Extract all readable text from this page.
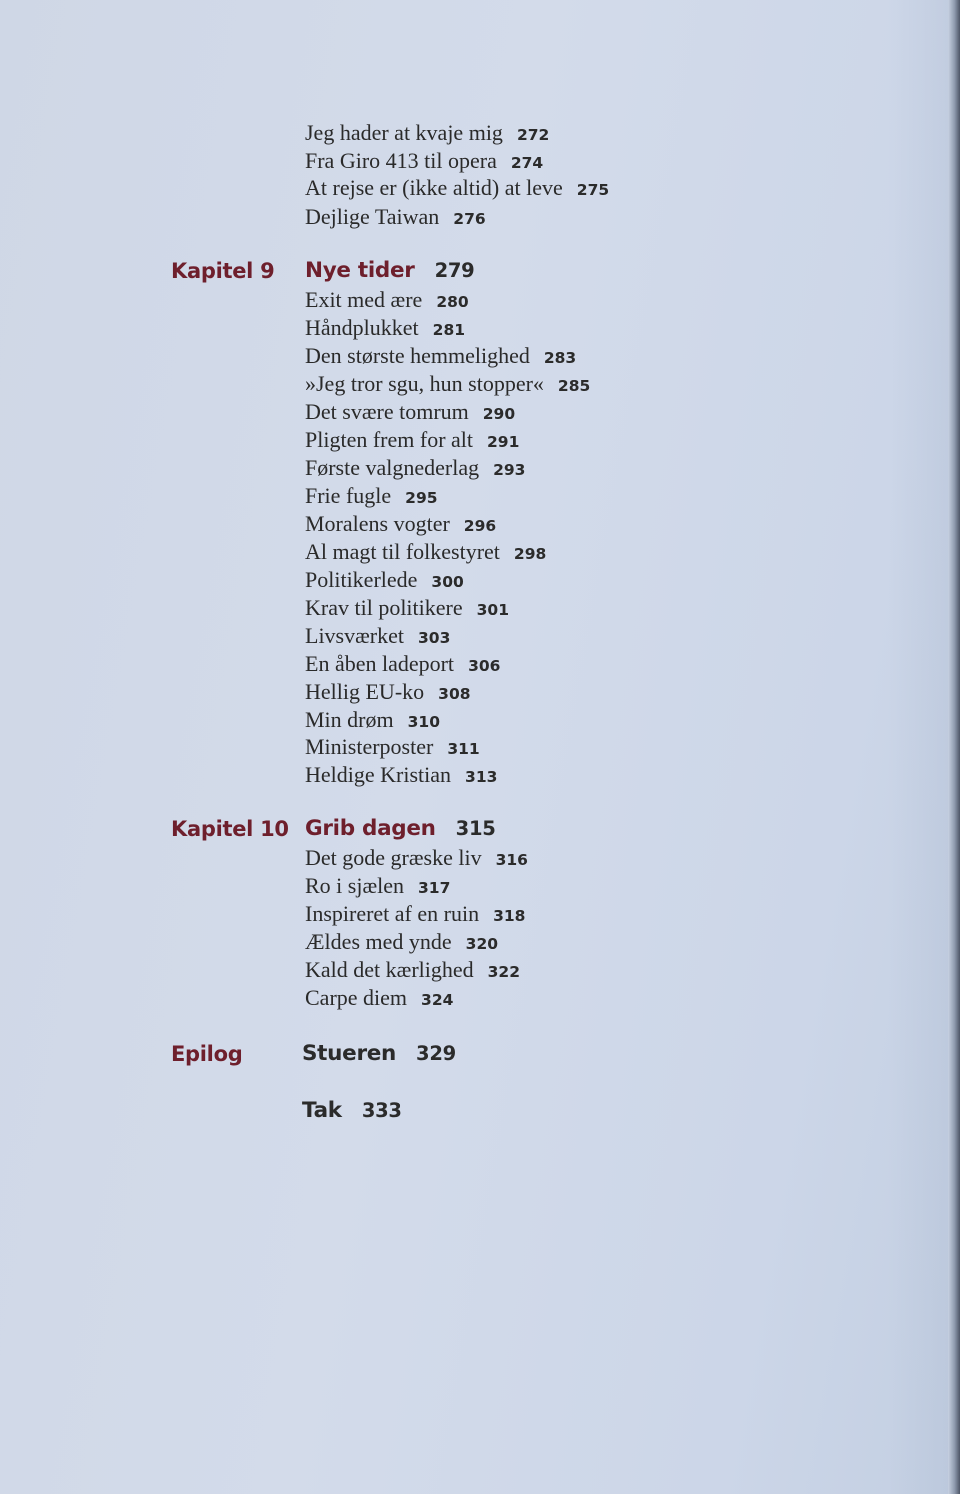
Jeg hader at kvaje mig 272
Fra Giro 413 til opera 274
At rejse er (ikke altid) at leve 275
Dejlige Taiwan 276
Kapitel 9 Nye tider 279
Exit med ære 280
Håndplukket 281
Den største hemmelighed 283
»Jeg tror sgu, hun stopper« 285
Det svære tomrum 290
Pligten frem for alt 291
Første valgnederlag 293
Frie fugle 295
Moralens vogter 296
Al magt til folkestyret 298
Politikerlede 300
Krav til politikere 301
Livsværket 303
En åben ladeport 306
Hellig EU-ko 308
Min drøm 310
Ministerposter 311
Heldige Kristian 313
Kapitel 10 Grib dagen 315
Det gode græske liv 316
Ro i sjælen 317
Inspireret af en ruin 318
Ældes med ynde 320
Kald det kærlighed 322
Carpe diem 324
Epilog	Stueren 329
Tak 333
